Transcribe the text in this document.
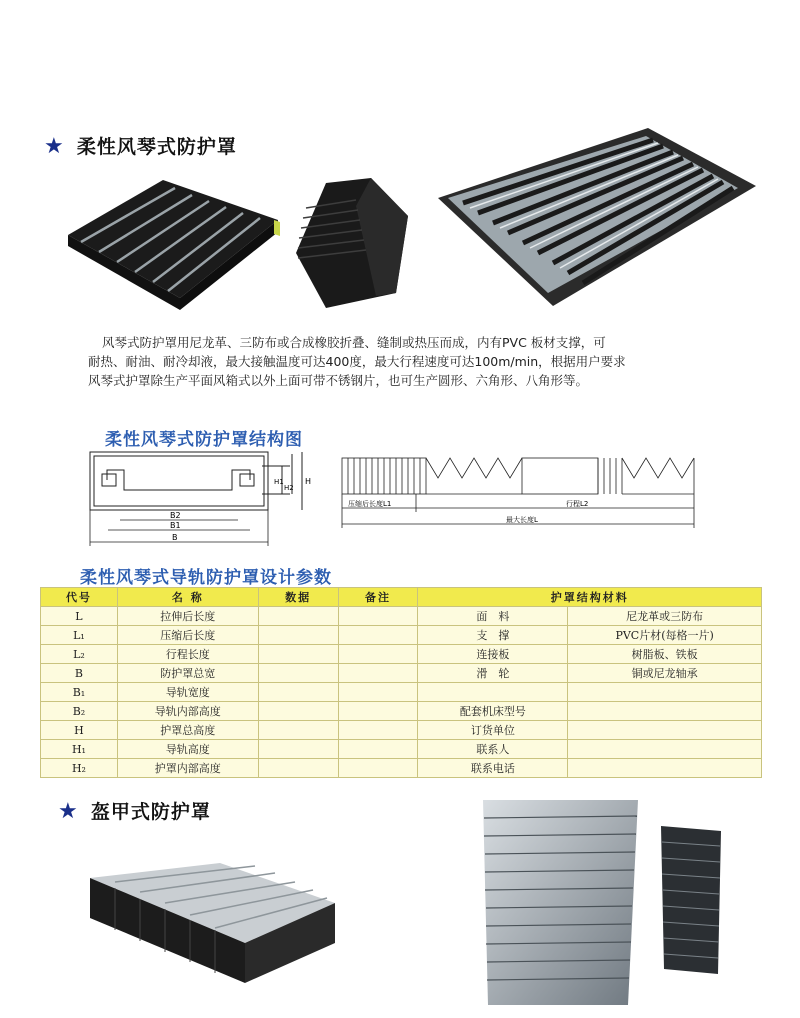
★ 柔性风琴式防护罩
风琴式防护罩用尼龙革、三防布或合成橡胶折叠、缝制或热压而成，内有PVC 板材支撑，可
耐热、耐油、耐冷却液，最大接触温度可达400度，最大行程速度可达100m/min，根据用户要求
风琴式护罩除生产平面风箱式以外上面可带不锈钢片，也可生产圆形、六角形、八角形等。
柔性风琴式防护罩结构图
B2
B1
B
H1
H2
H
压缩后长度L1	行程L2
最大长度L
柔性风琴式导轨防护罩设计参数
代号	名 称	数据	备注	护罩结构材料	
L	拉伸后长度			面　料	尼龙革或三防布
L₁	压缩后长度			支　撑	PVC片材(每格一片)
L₂	行程长度			连接板	树脂板、铁板
B	防护罩总宽			滑　轮	铜或尼龙轴承
B₁	导轨宽度				
B₂	导轨内部高度			配套机床型号	
H	护罩总高度			订货单位	
H₁	导轨高度			联系人	
H₂	护罩内部高度			联系电话	
★ 盔甲式防护罩
